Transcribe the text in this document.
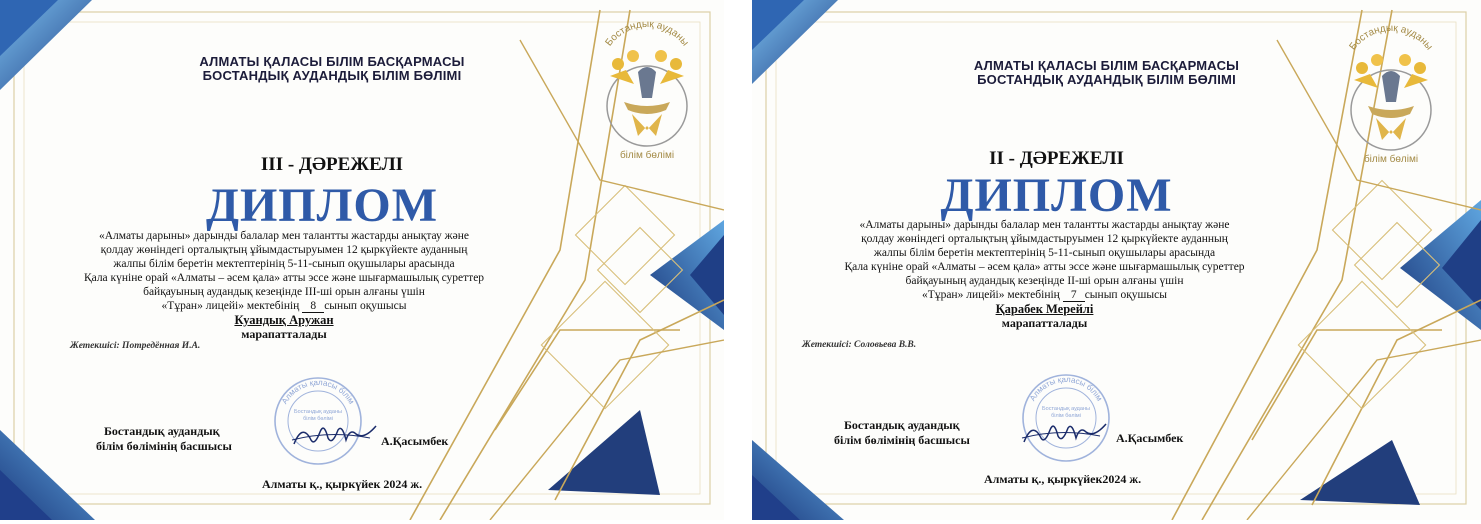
Бостандық ауданы
білім бөлімі
АЛМАТЫ ҚАЛАСЫ БІЛІМ БАСҚАРМАСЫ
БОСТАНДЫҚ АУДАНДЫҚ БІЛІМ БӨЛІМІ
ІІІ - ДӘРЕЖЕЛІ
ДИПЛОМ
«Алматы дарыны» дарынды балалар мен талантты жастарды анықтау және
қолдау жөніндегі орталықтың ұйымдастыруымен 12 қыркүйекте ауданның
жалпы білім беретін мектептерінің 5-11-сынып оқушылары арасында
Қала күніне орай «Алматы – әсем қала» атты эссе және шығармашылық суреттер
байқауының аудандық кезеңінде ІІІ-ші орын алғаны үшін
«Тұран» лицейі» мектебінің 8 сынып оқушысы
Куандық Аружан
марапатталады
Жетекшісі: Потредённая И.А.
Алматы қаласы білім
Бостандық ауданы білім бөлімі
Бостандық аудандық
білім бөлімінің басшысы	А.Қасымбек
Алматы қ., қыркүйек 2024 ж.
Бостандық ауданы
білім бөлімі
АЛМАТЫ ҚАЛАСЫ БІЛІМ БАСҚАРМАСЫ
БОСТАНДЫҚ АУДАНДЫҚ БІЛІМ БӨЛІМІ
ІІ - ДӘРЕЖЕЛІ
ДИПЛОМ
«Алматы дарыны» дарынды балалар мен талантты жастарды анықтау және
қолдау жөніндегі орталықтың ұйымдастыруымен 12 қыркүйекте ауданның
жалпы білім беретін мектептерінің 5-11-сынып оқушылары арасында
Қала күніне орай «Алматы – әсем қала» атты эссе және шығармашылық суреттер
байқауының аудандық кезеңінде ІІ-ші орын алғаны үшін
«Тұран» лицейі» мектебінің 7 сынып оқушысы
Қарабек Мерейлі
марапатталады
Жетекшісі: Соловьева В.В.
Алматы қаласы білім
Бостандық ауданы білім бөлімі
Бостандық аудандық
білім бөлімінің басшысы	А.Қасымбек
Алматы қ., қыркүйек2024 ж.
